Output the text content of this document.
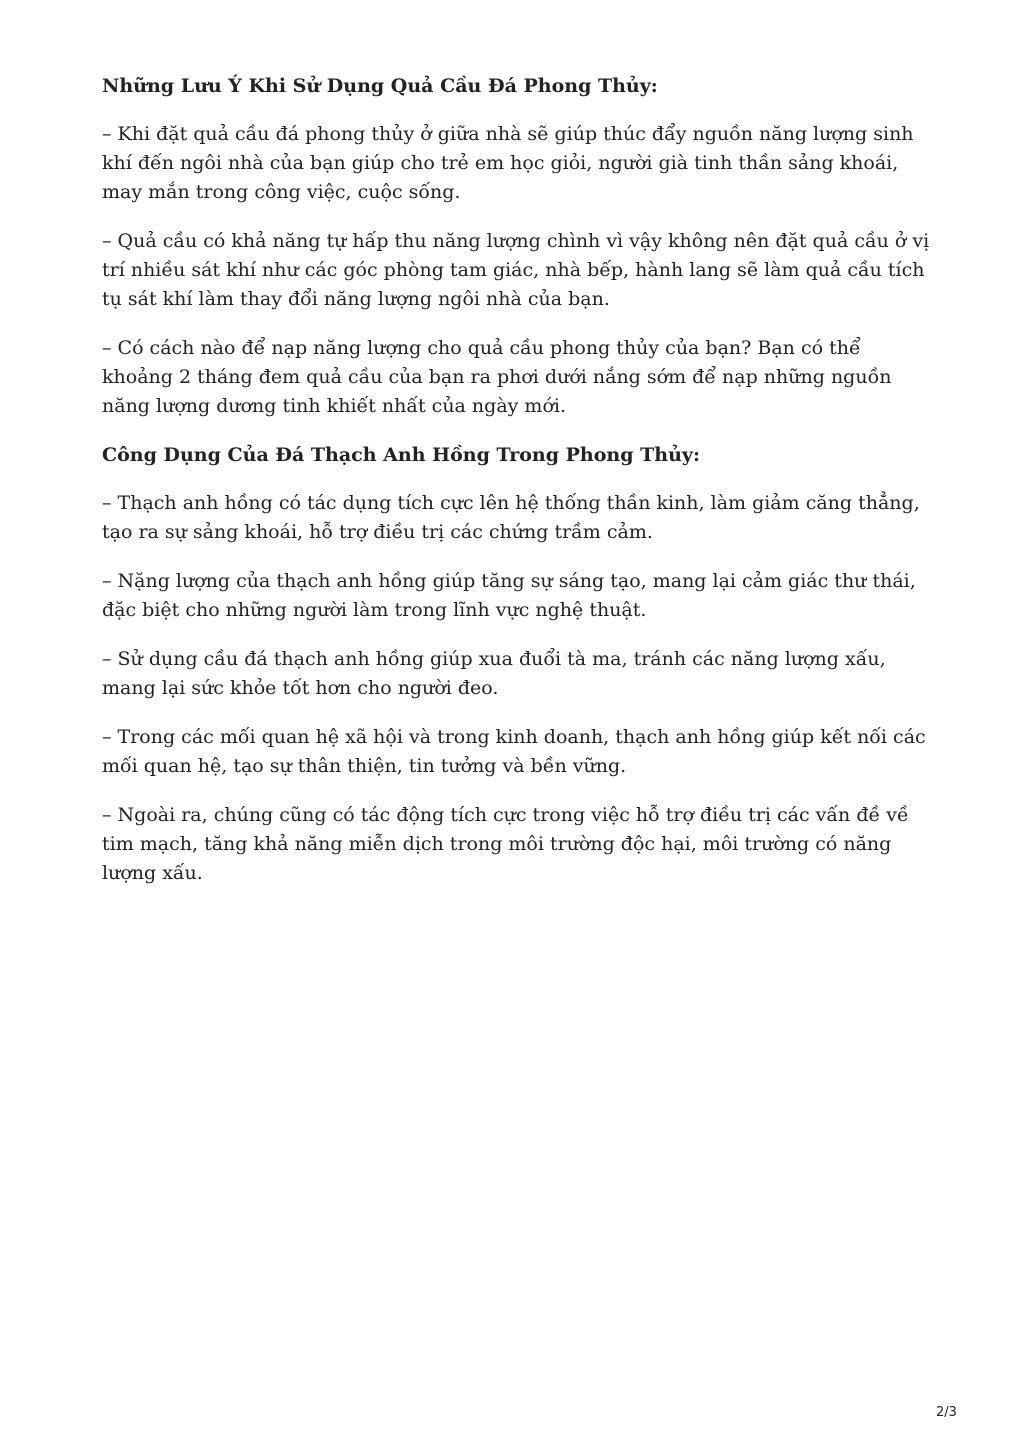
Những Lưu Ý Khi Sử Dụng Quả Cầu Đá Phong Thủy:

– Khi đặt quả cầu đá phong thủy ở giữa nhà sẽ giúp thúc đẩy nguồn năng lượng sinh khí đến ngôi nhà của bạn giúp cho trẻ em học giỏi, người già tinh thần sảng khoái, may mắn trong công việc, cuộc sống.

– Quả cầu có khả năng tự hấp thu năng lượng chình vì vậy không nên đặt quả cầu ở vị trí nhiều sát khí như các góc phòng tam giác, nhà bếp, hành lang sẽ làm quả cầu tích tụ sát khí làm thay đổi năng lượng ngôi nhà của bạn.

– Có cách nào để nạp năng lượng cho quả cầu phong thủy của bạn? Bạn có thể khoảng 2 tháng đem quả cầu của bạn ra phơi dưới nắng sớm để nạp những nguồn năng lượng dương tinh khiết nhất của ngày mới.

Công Dụng Của Đá Thạch Anh Hồng Trong Phong Thủy:

– Thạch anh hồng có tác dụng tích cực lên hệ thống thần kinh, làm giảm căng thẳng, tạo ra sự sảng khoái, hỗ trợ điều trị các chứng trầm cảm.

– Nặng lượng của thạch anh hồng giúp tăng sự sáng tạo, mang lại cảm giác thư thái, đặc biệt cho những người làm trong lĩnh vực nghệ thuật.

– Sử dụng cầu đá thạch anh hồng giúp xua đuổi tà ma, tránh các năng lượng xấu, mang lại sức khỏe tốt hơn cho người đeo.

– Trong các mối quan hệ xã hội và trong kinh doanh, thạch anh hồng giúp kết nối các mối quan hệ, tạo sự thân thiện, tin tưởng và bền vững.

– Ngoài ra, chúng cũng có tác động tích cực trong việc hỗ trợ điều trị các vấn đề về tim mạch, tăng khả năng miễn dịch trong môi trường độc hại, môi trường có năng lượng xấu.

2/3
